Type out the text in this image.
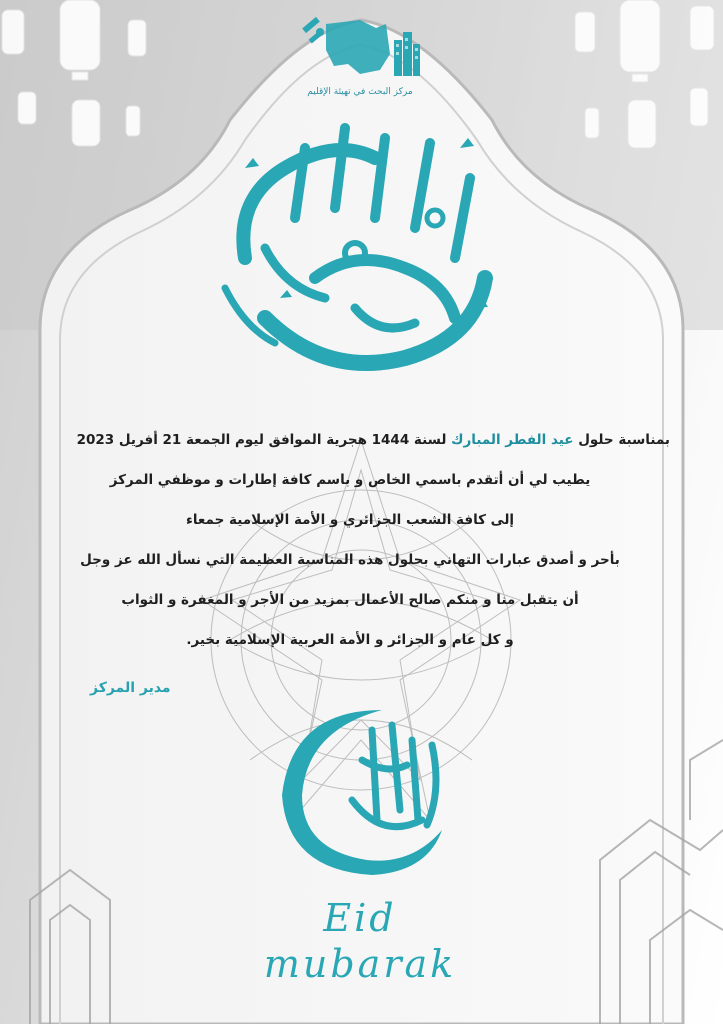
مركز البحث في تهيئة الإقليم
بمناسبة حلول عيد الفطر المبارك لسنة 1444 هجرية الموافق ليوم الجمعة 21 أفريل 2023
يطيب لي أن أتقدم باسمي الخاص و باسم كافة إطارات و موظفي المركز
إلى كافة الشعب الجزائري و الأمة الإسلامية جمعاء
بأحر و أصدق عبارات التهاني بحلول هذه المناسبة العظيمة التي نسأل الله عز وجل
أن يتقبل منا و منكم صالح الأعمال بمزيد من الأجر و المغفرة و الثواب
و كل عام و الجزائر و الأمة العربية الإسلامية بخير.
مدير المركز
Eid
mubarak
